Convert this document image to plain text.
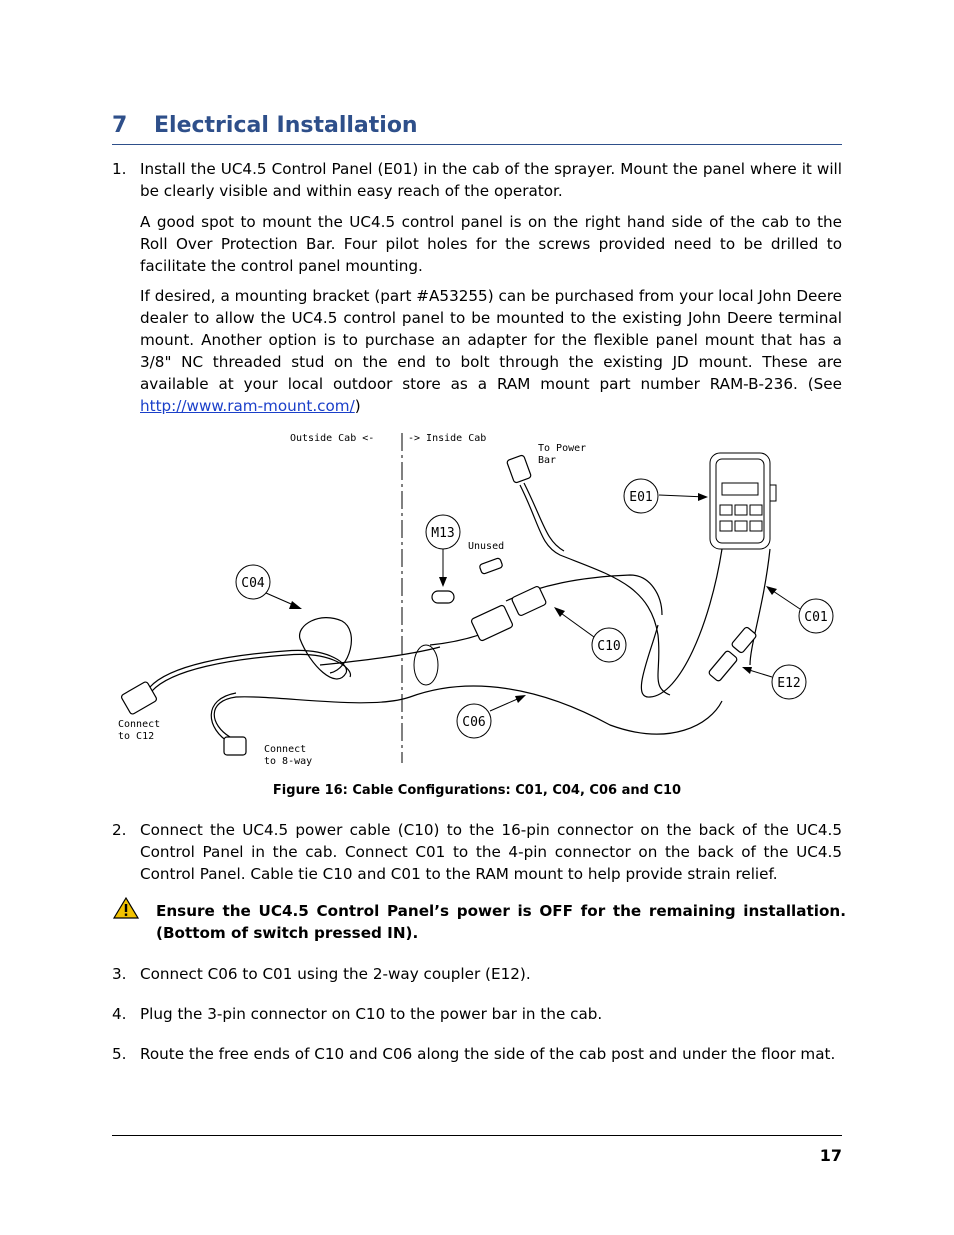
7 Electrical Installation
1. Install the UC4.5 Control Panel (E01) in the cab of the sprayer. Mount the panel where it will be clearly visible and within easy reach of the operator.
A good spot to mount the UC4.5 control panel is on the right hand side of the cab to the Roll Over Protection Bar. Four pilot holes for the screws provided need to be drilled to facilitate the control panel mounting.
If desired, a mounting bracket (part #A53255) can be purchased from your local John Deere dealer to allow the UC4.5 control panel to be mounted to the existing John Deere terminal mount. Another option is to purchase an adapter for the flexible panel mount that has a 3/8" NC threaded stud on the end to bolt through the existing JD mount. These are available at your local outdoor store as a RAM mount part number RAM-B-236. (See http://www.ram-mount.com/)
Outside Cab <-	-> Inside Cab
To Power
Bar
Unused
Connect
to C12
Connect
to 8-way
E01
M13
C04
C01
C10
E12
C06
Figure 16: Cable Configurations: C01, C04, C06 and C10
2. Connect the UC4.5 power cable (C10) to the 16-pin connector on the back of the UC4.5 Control Panel in the cab. Connect C01 to the 4-pin connector on the back of the UC4.5 Control Panel. Cable tie C10 and C01 to the RAM mount to help provide strain relief.
Ensure the UC4.5 Control Panel’s power is OFF for the remaining installation. (Bottom of switch pressed IN).
3. Connect C06 to C01 using the 2-way coupler (E12).
4. Plug the 3-pin connector on C10 to the power bar in the cab.
5. Route the free ends of C10 and C06 along the side of the cab post and under the floor mat.
17
